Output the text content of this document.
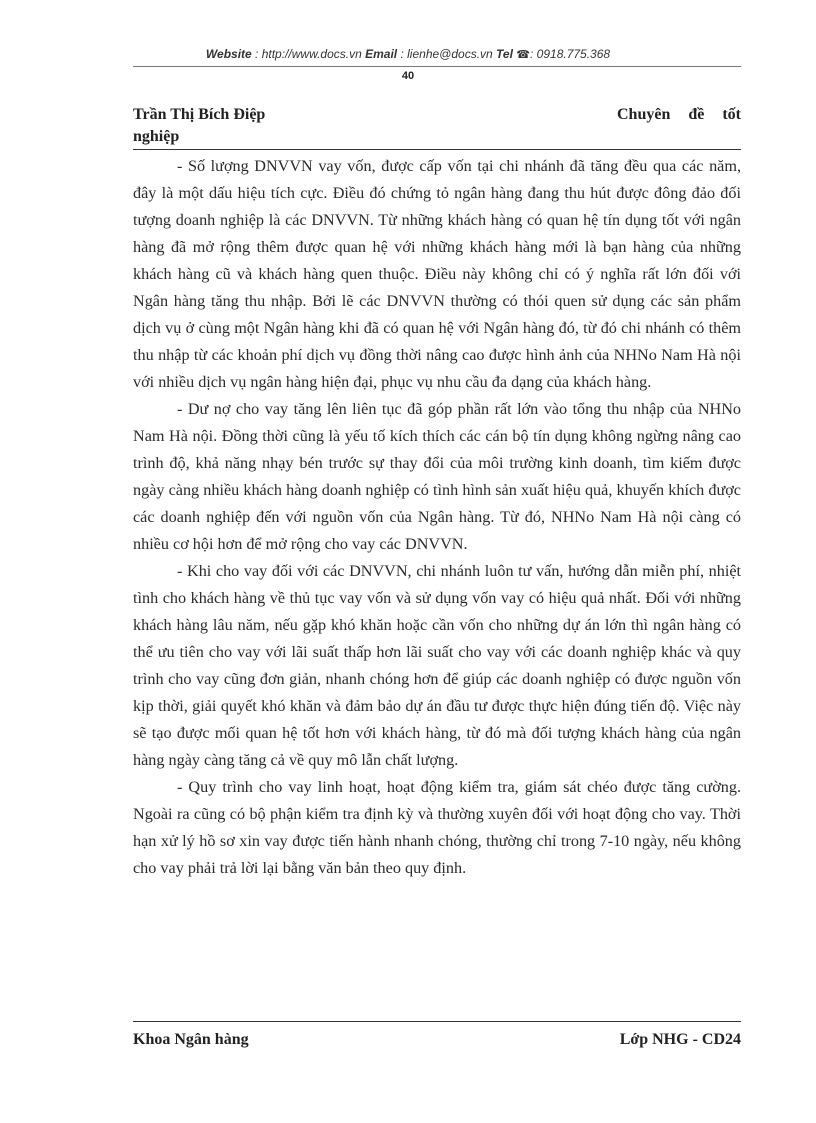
Website : http://www.docs.vn Email : lienhe@docs.vn Tel ☎: 0918.775.368
40
Trần Thị Bích Điệp	Chuyên đề tốt
nghiệp

- Số lượng DNVVN vay vốn, được cấp vốn tại chi nhánh đã tăng đều qua các năm, đây là một dấu hiệu tích cực. Điều đó chứng tỏ ngân hàng đang thu hút được đông đảo đối tượng doanh nghiệp là các DNVVN. Từ những khách hàng có quan hệ tín dụng tốt với ngân hàng đã mở rộng thêm được quan hệ với những khách hàng mới là bạn hàng của những khách hàng cũ và khách hàng quen thuộc. Điều này không chỉ có ý nghĩa rất lớn đối với Ngân hàng tăng thu nhập. Bởi lẽ các DNVVN thường có thói quen sử dụng các sản phẩm dịch vụ ở cùng một Ngân hàng khi đã có quan hệ với Ngân hàng đó, từ đó chi nhánh có thêm thu nhập từ các khoản phí dịch vụ đồng thời nâng cao được hình ảnh của NHNo Nam Hà nội với nhiều dịch vụ ngân hàng hiện đại, phục vụ nhu cầu đa dạng của khách hàng.

- Dư nợ cho vay tăng lên liên tục đã góp phần rất lớn vào tổng thu nhập của NHNo Nam Hà nội. Đồng thời cũng là yếu tố kích thích các cán bộ tín dụng không ngừng nâng cao trình độ, khả năng nhạy bén trước sự thay đổi của môi trường kinh doanh, tìm kiếm được ngày càng nhiều khách hàng doanh nghiệp có tình hình sản xuất hiệu quả, khuyến khích được các doanh nghiệp đến với nguồn vốn của Ngân hàng. Từ đó, NHNo Nam Hà nội càng có nhiều cơ hội hơn để mở rộng cho vay các DNVVN.

- Khi cho vay đối với các DNVVN, chi nhánh luôn tư vấn, hướng dẫn miễn phí, nhiệt tình cho khách hàng về thủ tục vay vốn và sử dụng vốn vay có hiệu quả nhất. Đối với những khách hàng lâu năm, nếu gặp khó khăn hoặc cần vốn cho những dự án lớn thì ngân hàng có thể ưu tiên cho vay với lãi suất thấp hơn lãi suất cho vay với các doanh nghiệp khác và quy trình cho vay cũng đơn giản, nhanh chóng hơn để giúp các doanh nghiệp có được nguồn vốn kịp thời, giải quyết khó khăn và đảm bảo dự án đầu tư được thực hiện đúng tiến độ. Việc này sẽ tạo được mối quan hệ tốt hơn với khách hàng, từ đó mà đối tượng khách hàng của ngân hàng ngày càng tăng cả về quy mô lẫn chất lượng.

- Quy trình cho vay linh hoạt, hoạt động kiểm tra, giám sát chéo được tăng cường. Ngoài ra cũng có bộ phận kiểm tra định kỳ và thường xuyên đối với hoạt động cho vay. Thời hạn xử lý hồ sơ xin vay được tiến hành nhanh chóng, thường chỉ trong 7-10 ngày, nếu không cho vay phải trả lời lại bằng văn bản theo quy định.

Khoa Ngân hàng	Lớp NHG - CD24
